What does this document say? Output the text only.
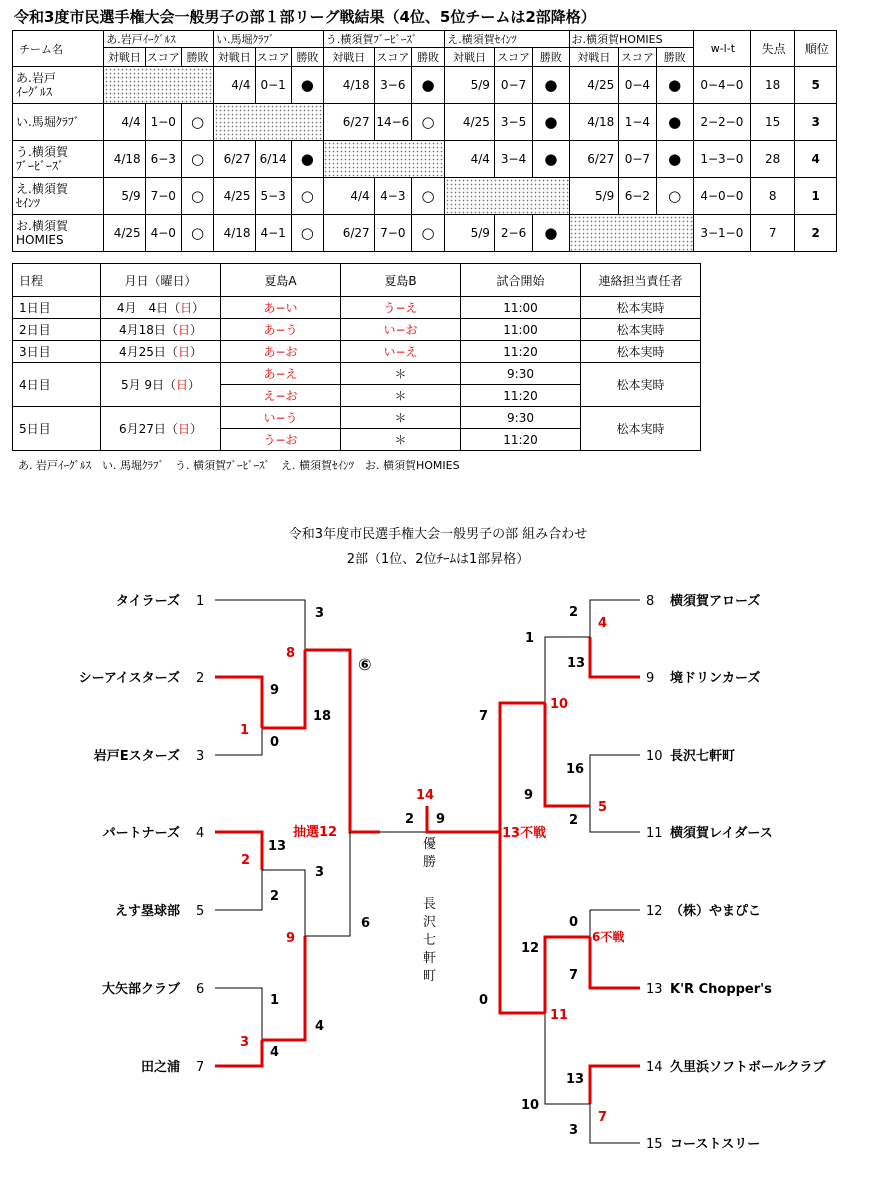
令和3度市民選手権大会一般男子の部１部リーグ戦結果（4位、5位チームは2部降格）
チーム名	あ.岩戸ｲｰｸﾞﾙｽ			い.馬堀ｸﾗﾌﾞ			う.横須賀ﾌﾞｰﾋﾞｰｽﾞ			え.横須賀ｾｲﾝﾂ			お.横須賀HOMIES			w-l-t	失点	順位
	対戦日	スコア	勝敗	対戦日	スコア	勝敗	対戦日	スコア	勝敗	対戦日	スコア	勝敗	対戦日	スコア	勝敗			

あ.岩戸
ｲｰｸﾞﾙｽ				4/4	0−1	●	4/18	3−6	●	5/9	0−7	●	4/25	0−4	●	0−4−0	18	5

い.馬堀ｸﾗﾌﾞ	4/4	1−0	○				6/27	14−6	○	4/25	3−5	●	4/18	1−4	●	2−2−0	15	3

う.横須賀
ﾌﾞｰﾋﾞｰｽﾞ	4/18	6−3	○	6/27	6/14	●				4/4	3−4	●	6/27	0−7	●	1−3−0	28	4

え.横須賀
ｾｲﾝﾂ	5/9	7−0	○	4/25	5−3	○	4/4	4−3	○				5/9	6−2	○	4−0−0	8	1

お.横須賀
HOMIES	4/25	4−0	○	4/18	4−1	○	6/27	7−0	○	5/9	2−6	●				3−1−0	7	2
日程	月日（曜日）	夏島A	夏島B	試合開始	連絡担当責任者
1日目	4月　4日（日）	あ−い	う−え	11:00	松本実時
2日目	4月18日（日）	あ−う	い−お	11:00	松本実時
3日目	4月25日（日）	あ−お	い−え	11:20	松本実時
4日目	5月 9日（日）	あ−え	＊	9:30	松本実時
		え−お	＊	11:20	
5日目	6月27日（日）	い−う	＊	9:30	松本実時
		う−お	＊	11:20	
あ. 岩戸ｲｰｸﾞﾙｽ　い. 馬堀ｸﾗﾌﾞ　う. 横須賀ﾌﾞｰﾋﾞｰｽﾞ　え. 横須賀ｾｲﾝﾂ　お. 横須賀HOMIES
令和3年度市民選手権大会一般男子の部 組み合わせ
2部（1位、2位ﾁｰﾑは1部昇格）
タイラーズ 1
シーアイスターズ 2
岩戸Eスターズ 3
パートナーズ 4
えす塁球部 5
大矢部クラブ 6
田之浦 7
8 横須賀アローズ
9 境ドリンカーズ
10 長沢七軒町
11 横須賀レイダース
12 （株）やまぴこ
13 K'R Chopper's
14 久里浜ソフトボールクラブ
15 コーストスリー
3
8
18
9
1
0
⑥
13
2
2
3
9
6
1
3
4
4
抽選12
14
2 9
優
勝
長
沢
七
軒
町
2
4
13
1
10
7
16
5
2
9
13不戦
0
6不戦
7
12
11
0
13
7
3
10
